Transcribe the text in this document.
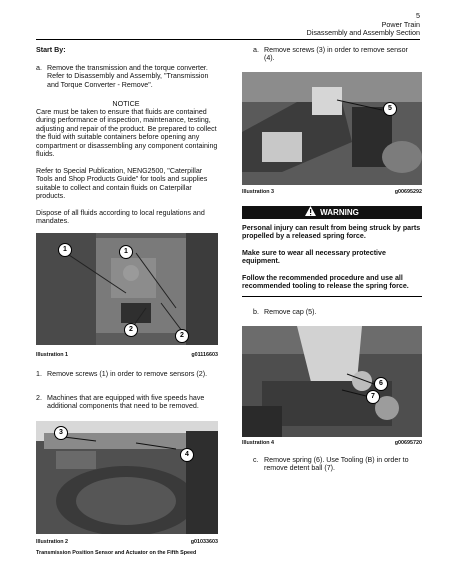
5
Power Train
Disassembly and Assembly Section
Start By:
a. Remove the transmission and the torque converter. Refer to Disassembly and Assembly, "Transmission and Torque Converter - Remove".
NOTICE
Care must be taken to ensure that fluids are contained during performance of inspection, maintenance, testing, adjusting and repair of the product. Be prepared to collect the fluid with suitable containers before opening any compartment or disassembling any component containing fluids.
Refer to Special Publication, NENG2500, "Caterpillar Tools and Shop Products Guide" for tools and supplies suitable to collect and contain fluids on Caterpillar products.
Dispose of all fluids according to local regulations and mandates.
1	1
2
2
Illustration 1	g01116603
1. Remove screws (1) in order to remove sensors (2).
2. Machines that are equipped with five speeds have additional components that need to be removed.
3
4
Illustration 2	g01033603
Transmission Position Sensor and Actuator on the Fifth Speed
a. Remove screws (3) in order to remove sensor (4).
5
Illustration 3	g00695292
WARNING
Personal injury can result from being struck by parts propelled by a released spring force.
Make sure to wear all necessary protective equipment.
Follow the recommended procedure and use all recommended tooling to release the spring force.
b. Remove cap (5).
6
7
Illustration 4	g00695720
c. Remove spring (6). Use Tooling (B) in order to remove detent ball (7).
